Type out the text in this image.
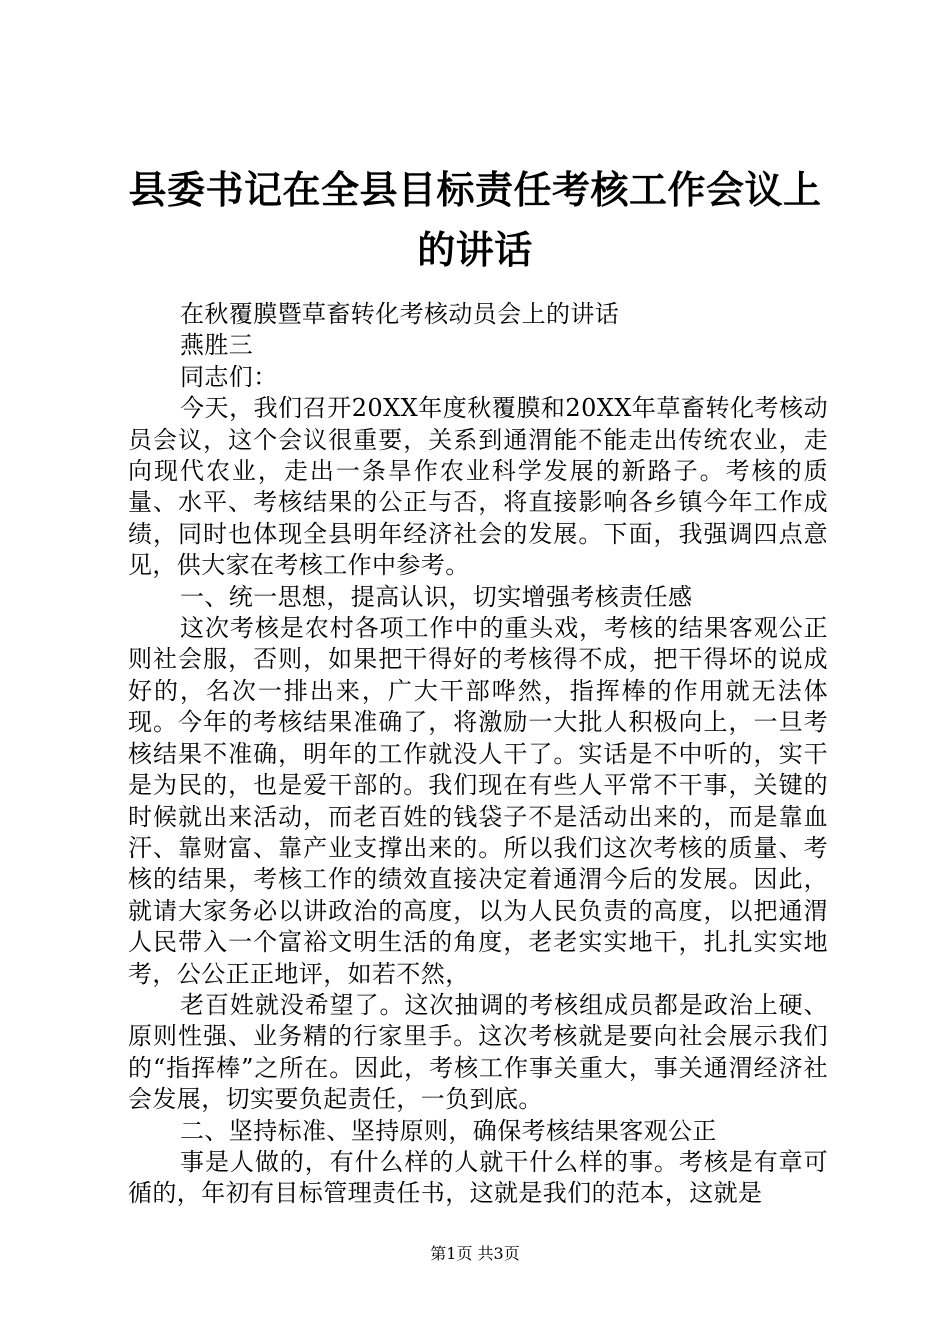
县委书记在全县目标责任考核工作会议上的讲话

在秋覆膜暨草畜转化考核动员会上的讲话

燕胜三

同志们：

今天，我们召开20XX年度秋覆膜和20XX年草畜转化考核动员会议，这个会议很重要，关系到通渭能不能走出传统农业，走向现代农业，走出一条旱作农业科学发展的新路子。考核的质量、水平、考核结果的公正与否，将直接影响各乡镇今年工作成绩，同时也体现全县明年经济社会的发展。下面，我强调四点意见，供大家在考核工作中参考。

一、统一思想，提高认识，切实增强考核责任感

这次考核是农村各项工作中的重头戏，考核的结果客观公正则社会服，否则，如果把干得好的考核得不成，把干得坏的说成好的，名次一排出来，广大干部哗然，指挥棒的作用就无法体现。今年的考核结果准确了，将激励一大批人积极向上，一旦考核结果不准确，明年的工作就没人干了。实话是不中听的，实干是为民的，也是爱干部的。我们现在有些人平常不干事，关键的时候就出来活动，而老百姓的钱袋子不是活动出来的，而是靠血汗、靠财富、靠产业支撑出来的。所以我们这次考核的质量、考核的结果，考核工作的绩效直接决定着通渭今后的发展。因此，就请大家务必以讲政治的高度，以为人民负责的高度，以把通渭人民带入一个富裕文明生活的角度，老老实实地干，扎扎实实地考，公公正正地评，如若不然，

老百姓就没希望了。这次抽调的考核组成员都是政治上硬、原则性强、业务精的行家里手。这次考核就是要向社会展示我们的“指挥棒”之所在。因此，考核工作事关重大，事关通渭经济社会发展，切实要负起责任，一负到底。

二、坚持标准、坚持原则，确保考核结果客观公正

事是人做的，有什么样的人就干什么样的事。考核是有章可循的，年初有目标管理责任书，这就是我们的范本，这就是

第1页 共3页
